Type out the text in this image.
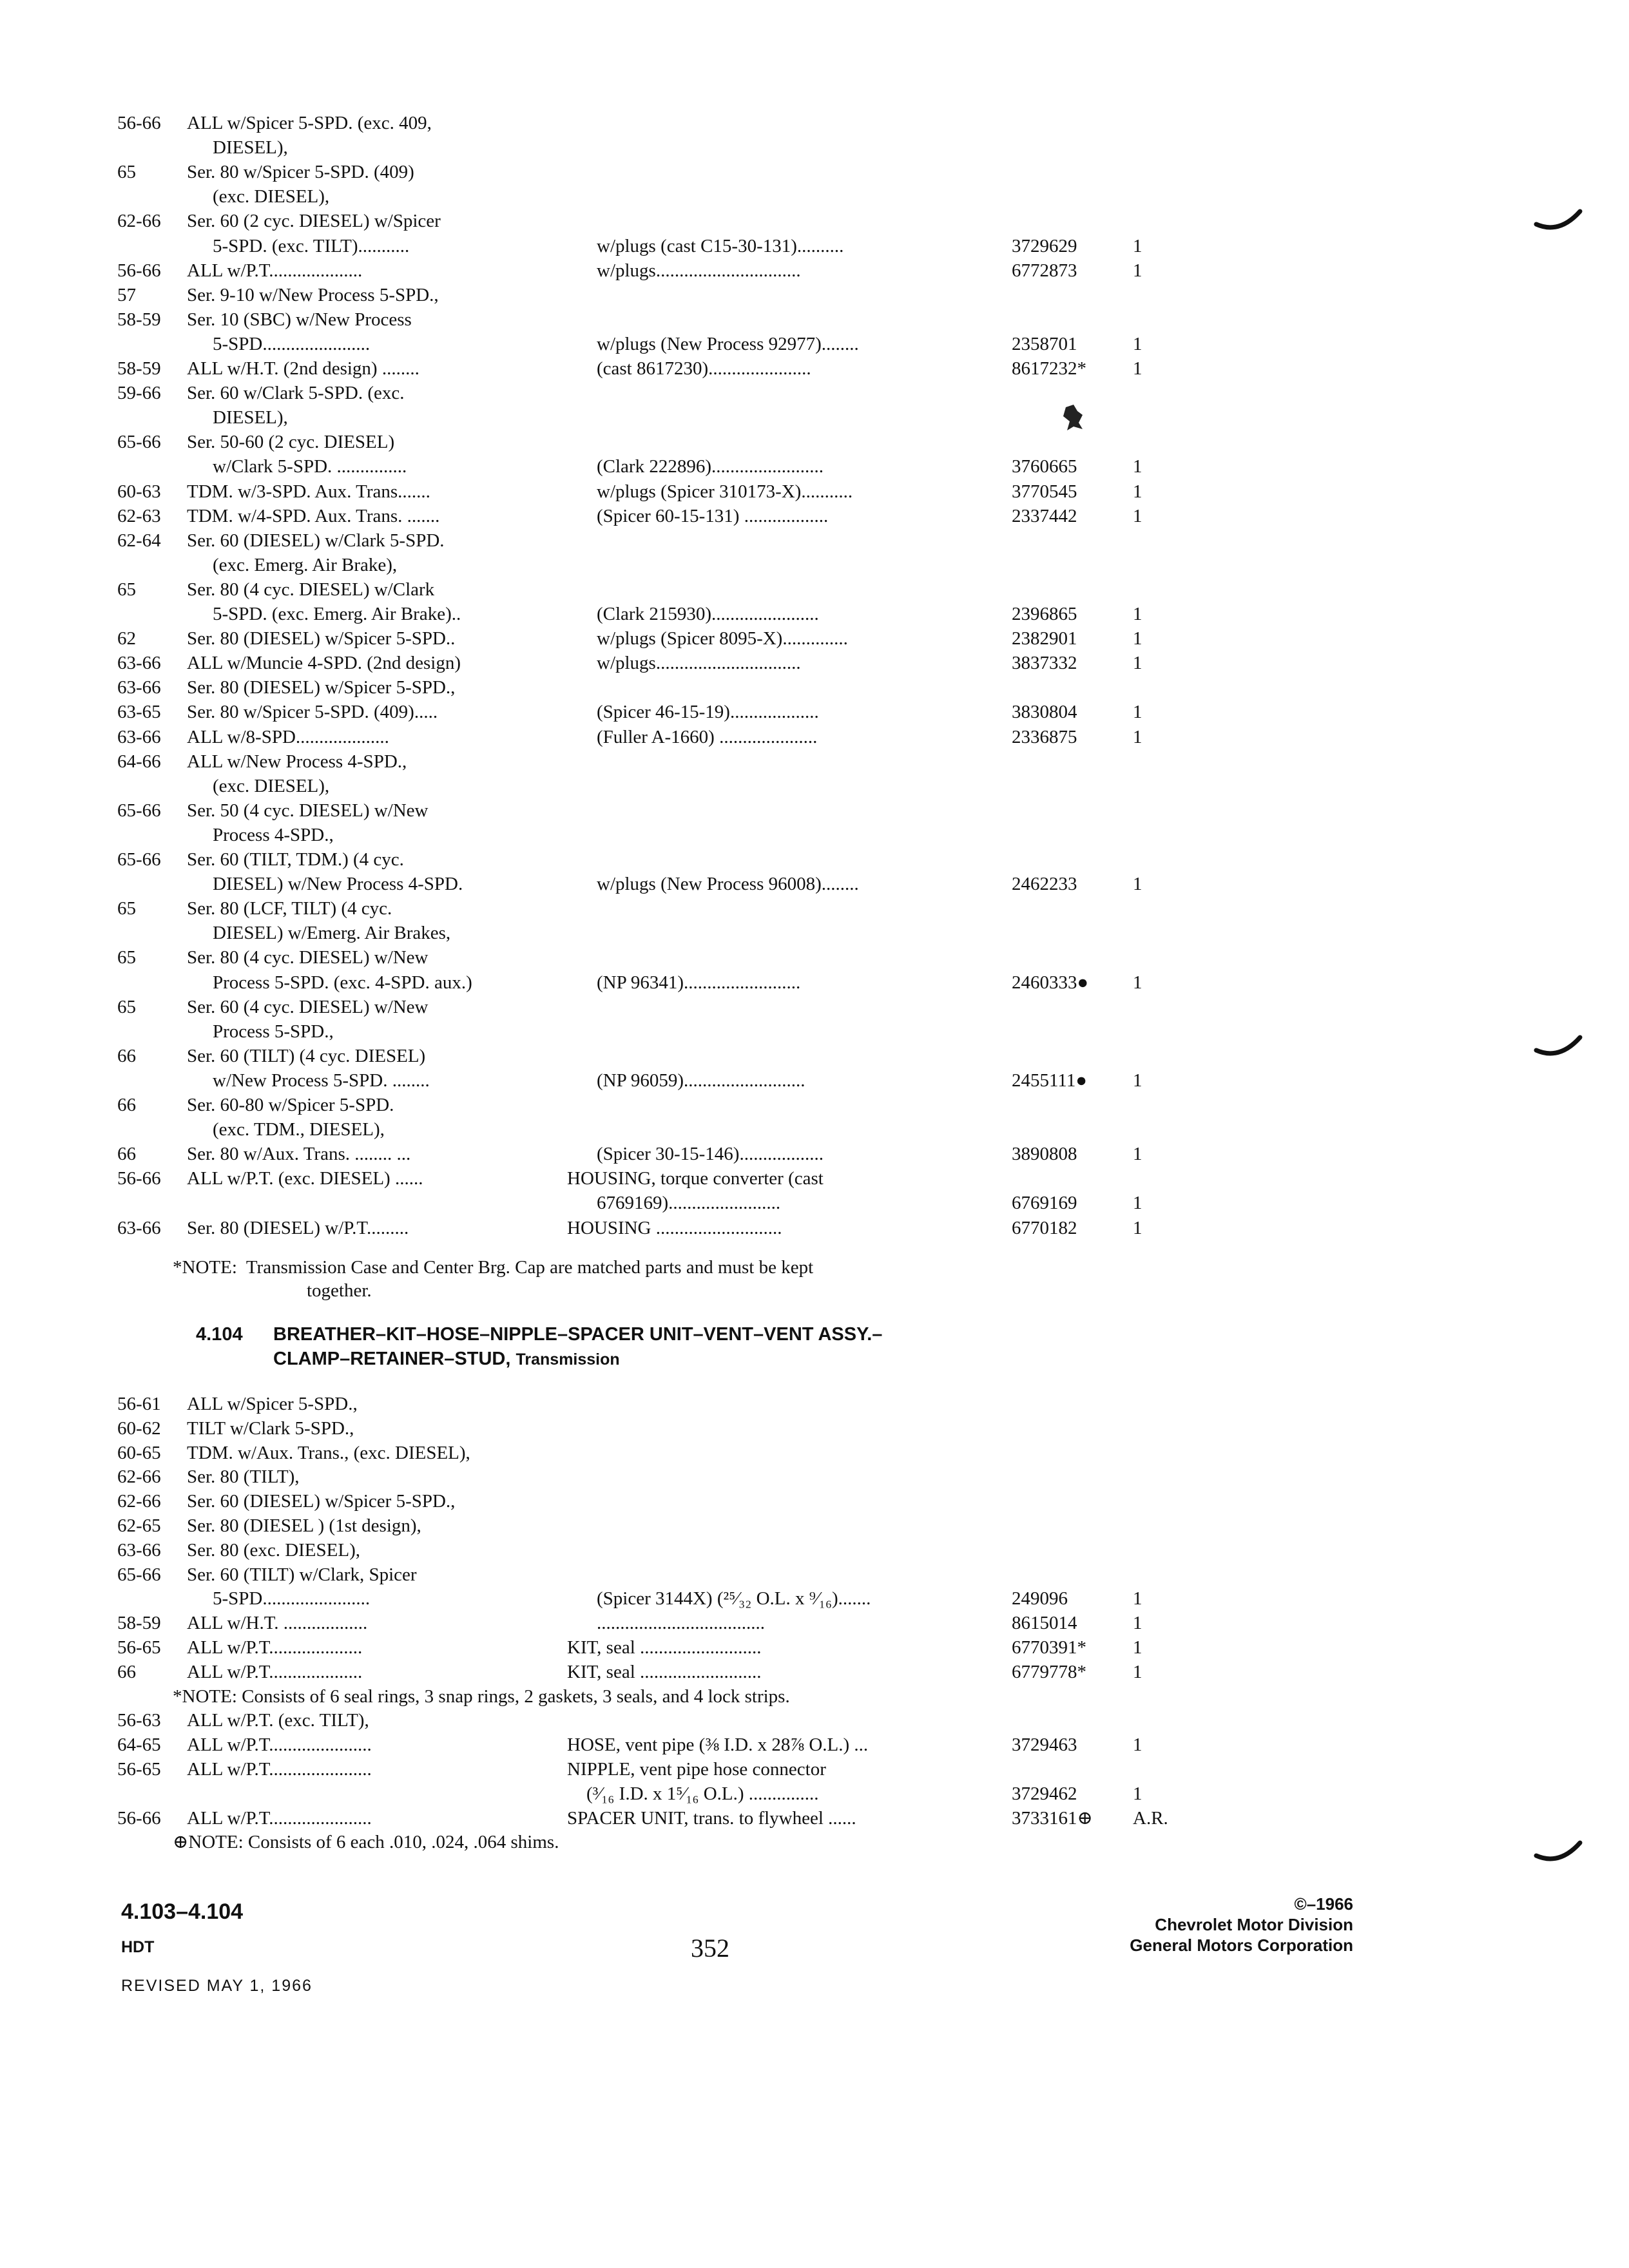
56-66 ALL w/Spicer 5-SPD. (exc. 409,
DIESEL),
65	Ser. 80 w/Spicer 5-SPD. (409)
(exc. DIESEL),
62-66 Ser. 60 (2 cyc. DIESEL) w/Spicer
5-SPD. (exc. TILT)...........	w/plugs (cast C15-30-131)..........	3729629	1
56-66 ALL w/P.T....................	w/plugs...............................	6772873	1
57	Ser. 9-10 w/New Process 5-SPD.,
58-59 Ser. 10 (SBC) w/New Process
5-SPD.......................	w/plugs (New Process 92977)........	2358701	1
58-59 ALL w/H.T. (2nd design) ........	(cast 8617230)......................	8617232* 1
59-66 Ser. 60 w/Clark 5-SPD. (exc.
DIESEL),
65-66 Ser. 50-60 (2 cyc. DIESEL)
w/Clark 5-SPD. ...............	(Clark 222896)........................	3760665	1
60-63 TDM. w/3-SPD. Aux. Trans.......	w/plugs (Spicer 310173-X)...........	3770545	1
62-63 TDM. w/4-SPD. Aux. Trans. .......	(Spicer 60-15-131) ..................	2337442	1
62-64 Ser. 60 (DIESEL) w/Clark 5-SPD.
(exc. Emerg. Air Brake),
65	Ser. 80 (4 cyc. DIESEL) w/Clark
5-SPD. (exc. Emerg. Air Brake)..	(Clark 215930).......................	2396865	1
62	Ser. 80 (DIESEL) w/Spicer 5-SPD..	w/plugs (Spicer 8095-X)..............	2382901	1
63-66 ALL w/Muncie 4-SPD. (2nd design)	w/plugs...............................	3837332	1
63-66 Ser. 80 (DIESEL) w/Spicer 5-SPD.,
63-65 Ser. 80 w/Spicer 5-SPD. (409).....	(Spicer 46-15-19)...................	3830804	1
63-66 ALL w/8-SPD....................	(Fuller A-1660) .....................	2336875	1
64-66 ALL w/New Process 4-SPD.,
(exc. DIESEL),
65-66 Ser. 50 (4 cyc. DIESEL) w/New
Process 4-SPD.,
65-66 Ser. 60 (TILT, TDM.) (4 cyc.
DIESEL) w/New Process 4-SPD.	w/plugs (New Process 96008)........	2462233	1
65	Ser. 80 (LCF, TILT) (4 cyc.
DIESEL) w/Emerg. Air Brakes,
65	Ser. 80 (4 cyc. DIESEL) w/New
Process 5-SPD. (exc. 4-SPD. aux.)	(NP 96341).........................	2460333● 1
65	Ser. 60 (4 cyc. DIESEL) w/New
Process 5-SPD.,
66	Ser. 60 (TILT) (4 cyc. DIESEL)
w/New Process 5-SPD. ........	(NP 96059)..........................	2455111● 1
66	Ser. 60-80 w/Spicer 5-SPD.
(exc. TDM., DIESEL),
66	Ser. 80 w/Aux. Trans. ........ ...	(Spicer 30-15-146)..................	3890808	1
56-66 ALL w/P.T. (exc. DIESEL) ......	HOUSING, torque converter (cast
6769169)........................	6769169	1
63-66 Ser. 80 (DIESEL) w/P.T.........	HOUSING ...........................	6770182	1

*NOTE:  Transmission Case and Center Brg. Cap are matched parts and must be kept

together.

4.104

BREATHER–KIT–HOSE–NIPPLE–SPACER UNIT–VENT–VENT ASSY.–

CLAMP–RETAINER–STUD, Transmission

56-61 ALL w/Spicer 5-SPD.,
60-62 TILT w/Clark 5-SPD.,
60-65 TDM. w/Aux. Trans., (exc. DIESEL),
62-66 Ser. 80 (TILT),
62-66 Ser. 60 (DIESEL) w/Spicer 5-SPD.,
62-65 Ser. 80 (DIESEL ) (1st design),
63-66 Ser. 80 (exc. DIESEL),
65-66 Ser. 60 (TILT) w/Clark, Spicer
5-SPD.......................	(Spicer 3144X) (²⁵⁄₃₂ O.L. x ⁹⁄₁₆).......	249096	1
58-59 ALL w/H.T. ..................	....................................	8615014	1
56-65 ALL w/P.T....................	KIT, seal ..........................	6770391* 1
66	ALL w/P.T....................	KIT, seal ..........................	6779778* 1
*NOTE: Consists of 6 seal rings, 3 snap rings, 2 gaskets, 3 seals, and 4 lock strips.
56-63 ALL w/P.T. (exc. TILT),
64-65 ALL w/P.T......................	HOSE, vent pipe (⅜ I.D. x 28⅞ O.L.) ...	3729463	1
56-65 ALL w/P.T......................	NIPPLE, vent pipe hose connector
(³⁄₁₆ I.D. x 1⁵⁄₁₆ O.L.) ...............	3729462	1
56-66 ALL w/P.T......................	SPACER UNIT, trans. to flywheel ......	3733161⊕ A.R.
⊕NOTE: Consists of 6 each .010, .024, .064 shims.
4.103–4.104
HDT
REVISED MAY 1, 1966
352
©–1966
Chevrolet Motor Division
General Motors Corporation
